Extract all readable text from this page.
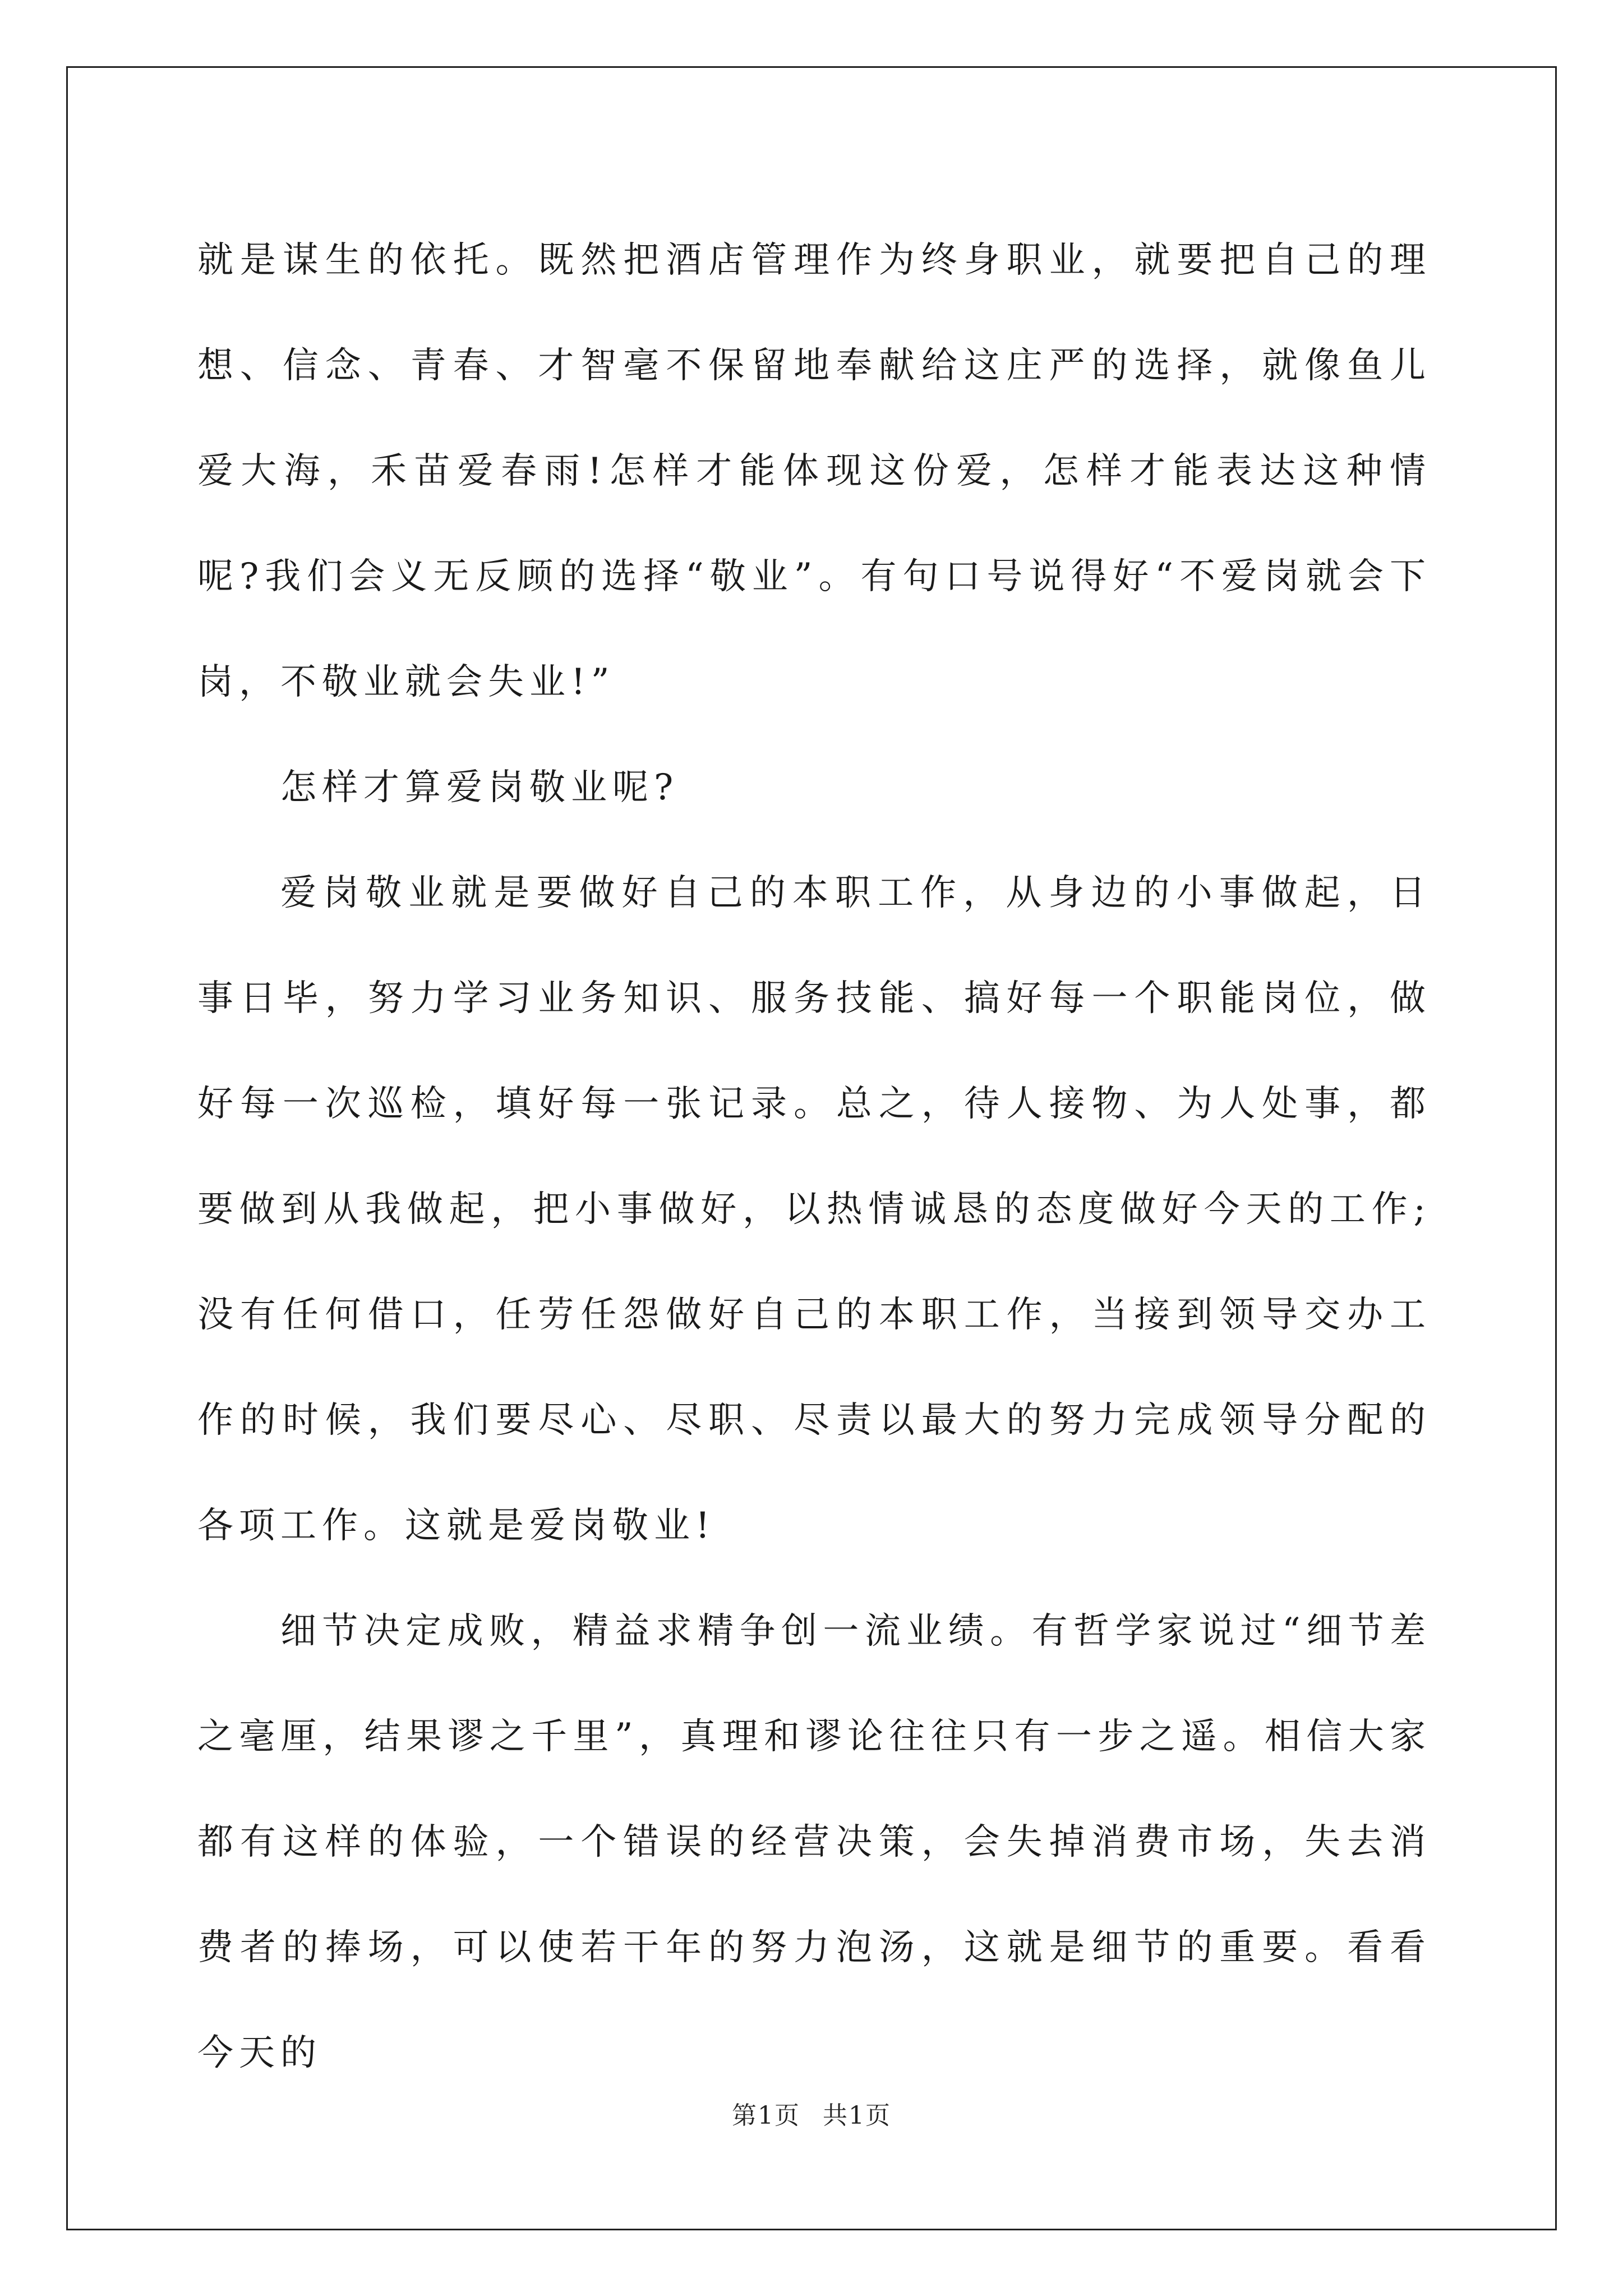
就是谋生的依托。既然把酒店管理作为终身职业，就要把自己的理想、信念、青春、才智毫不保留地奉献给这庄严的选择，就像鱼儿爱大海，禾苗爱春雨!怎样才能体现这份爱，怎样才能表达这种情呢?我们会义无反顾的选择“敬业”。有句口号说得好“不爱岗就会下岗，不敬业就会失业!”

怎样才算爱岗敬业呢?

爱岗敬业就是要做好自己的本职工作，从身边的小事做起，日事日毕，努力学习业务知识、服务技能、搞好每一个职能岗位，做好每一次巡检，填好每一张记录。总之，待人接物、为人处事，都要做到从我做起，把小事做好，以热情诚恳的态度做好今天的工作;没有任何借口，任劳任怨做好自己的本职工作，当接到领导交办工作的时候，我们要尽心、尽职、尽责以最大的努力完成领导分配的各项工作。这就是爱岗敬业!

细节决定成败，精益求精争创一流业绩。有哲学家说过“细节差之毫厘，结果谬之千里”，真理和谬论往往只有一步之遥。相信大家都有这样的体验，一个错误的经营决策，会失掉消费市场，失去消费者的捧场，可以使若干年的努力泡汤，这就是细节的重要。看看今天的

第1页 共1页
